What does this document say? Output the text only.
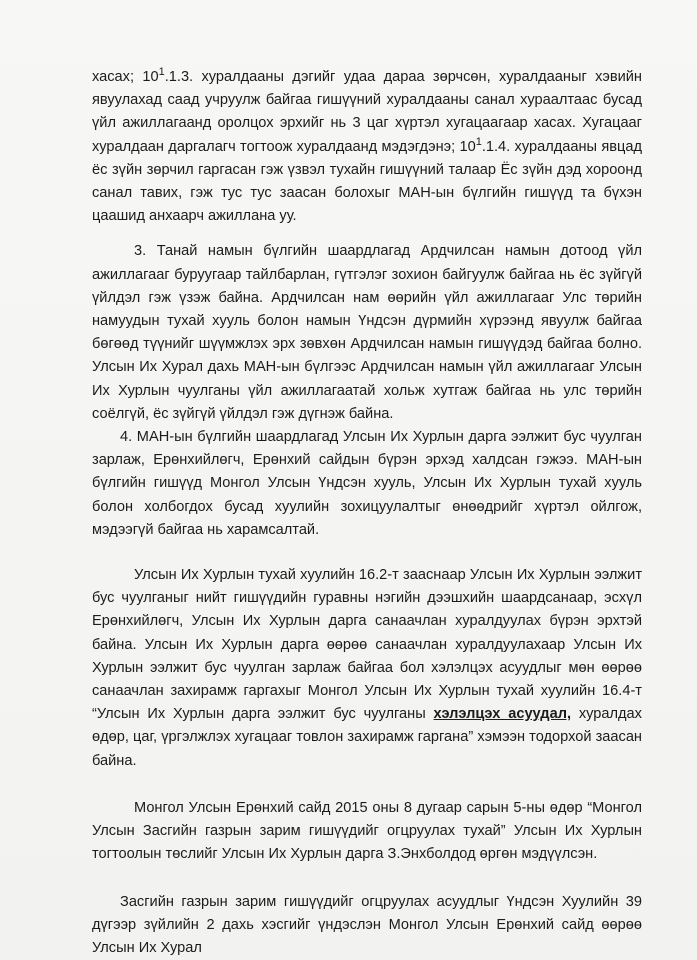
хасах; $10^1.1.3$. хуралдааны дэгийг удаа дараа зөрчсөн, хуралдааныг хэвийн явуулахад саад учруулж байгаа гишүүний хуралдааны санал хураалтаас бусад үйл ажиллагаанд оролцох эрхийг нь 3 цаг хүртэл хугацаагаар хасах. Хугацааг хуралдаан даргалагч тогтоож хуралдаанд мэдэгдэнэ; $10^1.1.4$. хуралдааны явцад ёс зүйн зөрчил гаргасан гэж үзвэл тухайн гишүүний талаар Ёс зүйн дэд хороонд санал тавих, гэж тус тус заасан болохыг МАН-ын бүлгийн гишүүд та бүхэн цаашид анхаарч ажиллана уу.

3. Танай намын бүлгийн шаардлагад Ардчилсан намын дотоод үйл ажиллагааг буруугаар тайлбарлан, гүтгэлэг зохион байгуулж байгаа нь ёс зүйгүй үйлдэл гэж үзэж байна. Ардчилсан нам өөрийн үйл ажиллагааг Улс төрийн намуудын тухай хууль болон намын Үндсэн дүрмийн хүрээнд явуулж байгаа бөгөөд түүнийг шүүмжлэх эрх зөвхөн Ардчилсан намын гишүүдэд байгаа болно. Улсын Их Хурал дахь МАН-ын бүлгээс Ардчилсан намын үйл ажиллагааг Улсын Их Хурлын чуулганы үйл ажиллагаатай хольж хутгаж байгаа нь улс төрийн соёлгүй, ёс зүйгүй үйлдэл гэж дүгнэж байна.

4. МАН-ын бүлгийн шаардлагад Улсын Их Хурлын дарга ээлжит бус чуулган зарлаж, Ерөнхийлөгч, Ерөнхий сайдын бүрэн эрхэд халдсан гэжээ. МАН-ын бүлгийн гишүүд Монгол Улсын Үндсэн хууль, Улсын Их Хурлын тухай хууль болон холбогдох бусад хуулийн зохицуулалтыг өнөөдрийг хүртэл ойлгож, мэдээгүй байгаа нь харамсалтай.

Улсын Их Хурлын тухай хуулийн 16.2-т зааснаар Улсын Их Хурлын ээлжит бус чуулганыг нийт гишүүдийн гуравны нэгийн дээшхийн шаардсанаар, эсхүл Ерөнхийлөгч, Улсын Их Хурлын дарга санаачлан хуралдуулах бүрэн эрхтэй байна. Улсын Их Хурлын дарга өөрөө санаачлан хуралдуулахаар Улсын Их Хурлын ээлжит бус чуулган зарлаж байгаа бол хэлэлцэх асуудлыг мөн өөрөө санаачлан захирамж гаргахыг Монгол Улсын Их Хурлын тухай хуулийн 16.4-т “Улсын Их Хурлын дарга ээлжит бус чуулганы хэлэлцэх асуудал, хуралдах өдөр, цаг, үргэлжлэх хугацааг товлон захирамж гаргана” хэмээн тодорхой заасан байна.

Монгол Улсын Ерөнхий сайд 2015 оны 8 дугаар сарын 5-ны өдөр “Монгол Улсын Засгийн газрын зарим гишүүдийг огцруулах тухай” Улсын Их Хурлын тогтоолын төслийг Улсын Их Хурлын дарга З.Энхболдод өргөн мэдүүлсэн.

Засгийн газрын зарим гишүүдийг огцруулах асуудлыг Үндсэн Хуулийн 39 дүгээр зүйлийн 2 дахь хэсгийг үндэслэн Монгол Улсын Ерөнхий сайд өөрөө Улсын Их Хурал
